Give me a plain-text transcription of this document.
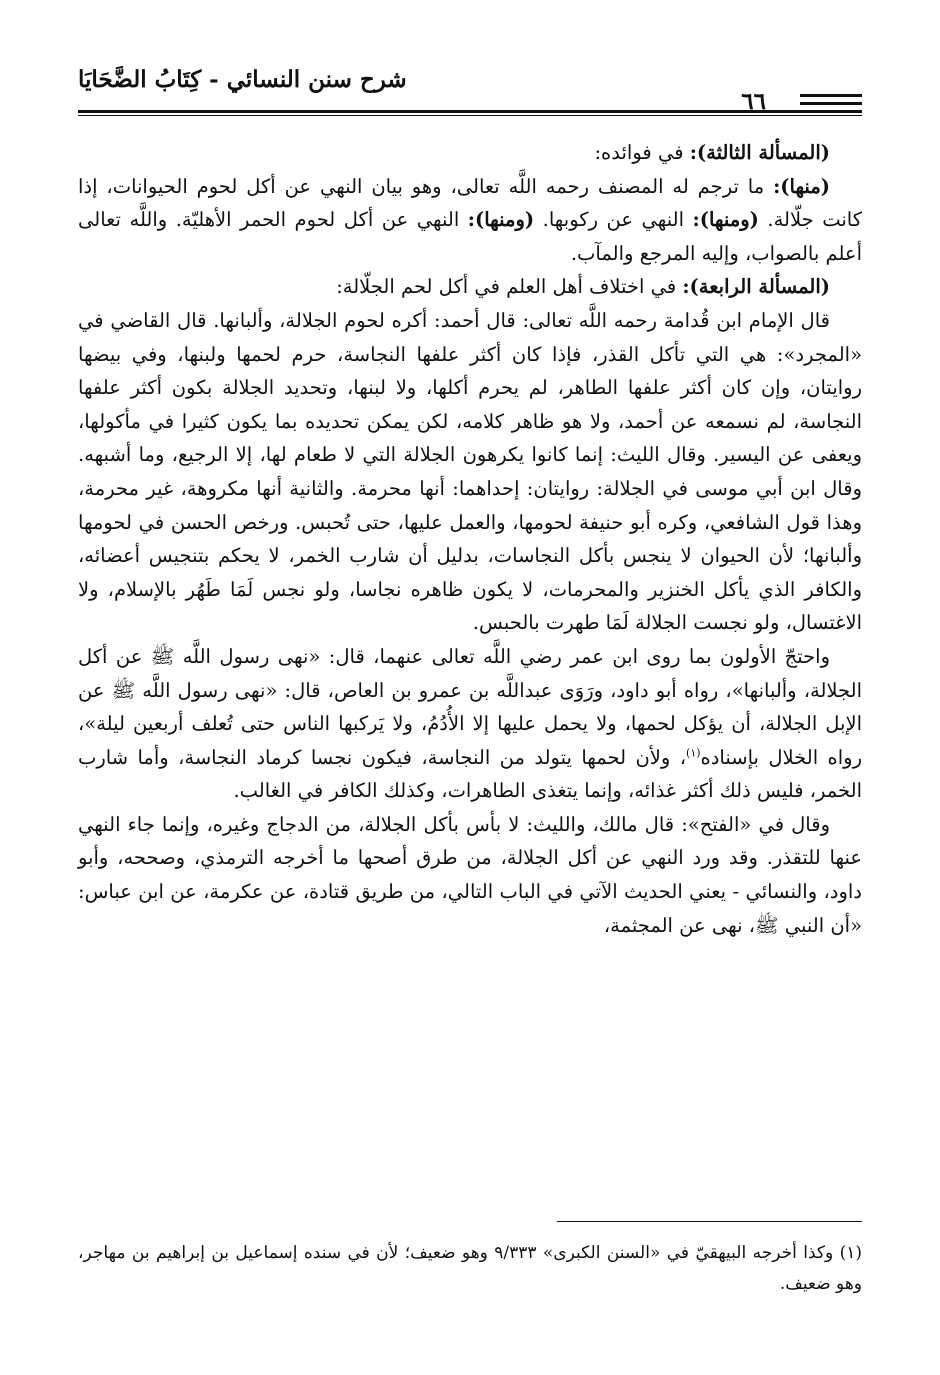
شرح سنن النسائي - كِتَابُ الضَّحَايَا
٦٦

(المسألة الثالثة): في فوائده:

(منها): ما ترجم له المصنف رحمه اللَّه تعالى، وهو بيان النهي عن أكل لحوم الحيوانات، إذا كانت جلّالة. (ومنها): النهي عن ركوبها. (ومنها): النهي عن أكل لحوم الحمر الأهليّة. واللَّه تعالى أعلم بالصواب، وإليه المرجع والمآب.

(المسألة الرابعة): في اختلاف أهل العلم في أكل لحم الجلّالة:

قال الإمام ابن قُدامة رحمه اللَّه تعالى: قال أحمد: أكره لحوم الجلالة، وألبانها. قال القاضي في «المجرد»: هي التي تأكل القذر، فإذا كان أكثر علفها النجاسة، حرم لحمها ولبنها، وفي بيضها روايتان، وإن كان أكثر علفها الطاهر، لم يحرم أكلها، ولا لبنها، وتحديد الجلالة بكون أكثر علفها النجاسة، لم نسمعه عن أحمد، ولا هو ظاهر كلامه، لكن يمكن تحديده بما يكون كثيرا في مأكولها، ويعفى عن اليسير. وقال الليث: إنما كانوا يكرهون الجلالة التي لا طعام لها، إلا الرجيع، وما أشبهه. وقال ابن أبي موسى في الجلالة: روايتان: إحداهما: أنها محرمة. والثانية أنها مكروهة، غير محرمة، وهذا قول الشافعي، وكره أبو حنيفة لحومها، والعمل عليها، حتى تُحبس. ورخص الحسن في لحومها وألبانها؛ لأن الحيوان لا ينجس بأكل النجاسات، بدليل أن شارب الخمر، لا يحكم بتنجيس أعضائه، والكافر الذي يأكل الخنزير والمحرمات، لا يكون ظاهره نجاسا، ولو نجس لَمَا طَهُر بالإسلام، ولا الاغتسال، ولو نجست الجلالة لَمَا طهرت بالحبس.

واحتجّ الأولون بما روى ابن عمر رضي اللَّه تعالى عنهما، قال: «نهى رسول اللَّه ﷺ عن أكل الجلالة، وألبانها»، رواه أبو داود، ورَوَى عبداللَّه بن عمرو بن العاص، قال: «نهى رسول اللَّه ﷺ عن الإبل الجلالة، أن يؤكل لحمها، ولا يحمل عليها إلا الأُدُمُ، ولا يَركبها الناس حتى تُعلف أربعين ليلة»، رواه الخلال بإسناده$^{(١)}$، ولأن لحمها يتولد من النجاسة، فيكون نجسا كرماد النجاسة، وأما شارب الخمر، فليس ذلك أكثر غذائه، وإنما يتغذى الطاهرات، وكذلك الكافر في الغالب.

وقال في «الفتح»: قال مالك، والليث: لا بأس بأكل الجلالة، من الدجاج وغيره، وإنما جاء النهي عنها للتقذر. وقد ورد النهي عن أكل الجلالة، من طرق أصحها ما أخرجه الترمذي، وصححه، وأبو داود، والنسائي - يعني الحديث الآتي في الباب التالي، من طريق قتادة، عن عكرمة، عن ابن عباس: «أن النبي ﷺ، نهى عن المجثمة،

(١) وكذا أخرجه البيهقيّ في «السنن الكبرى» ٩/٣٣٣ وهو ضعيف؛ لأن في سنده إسماعيل بن إبراهيم بن مهاجر، وهو ضعيف.
